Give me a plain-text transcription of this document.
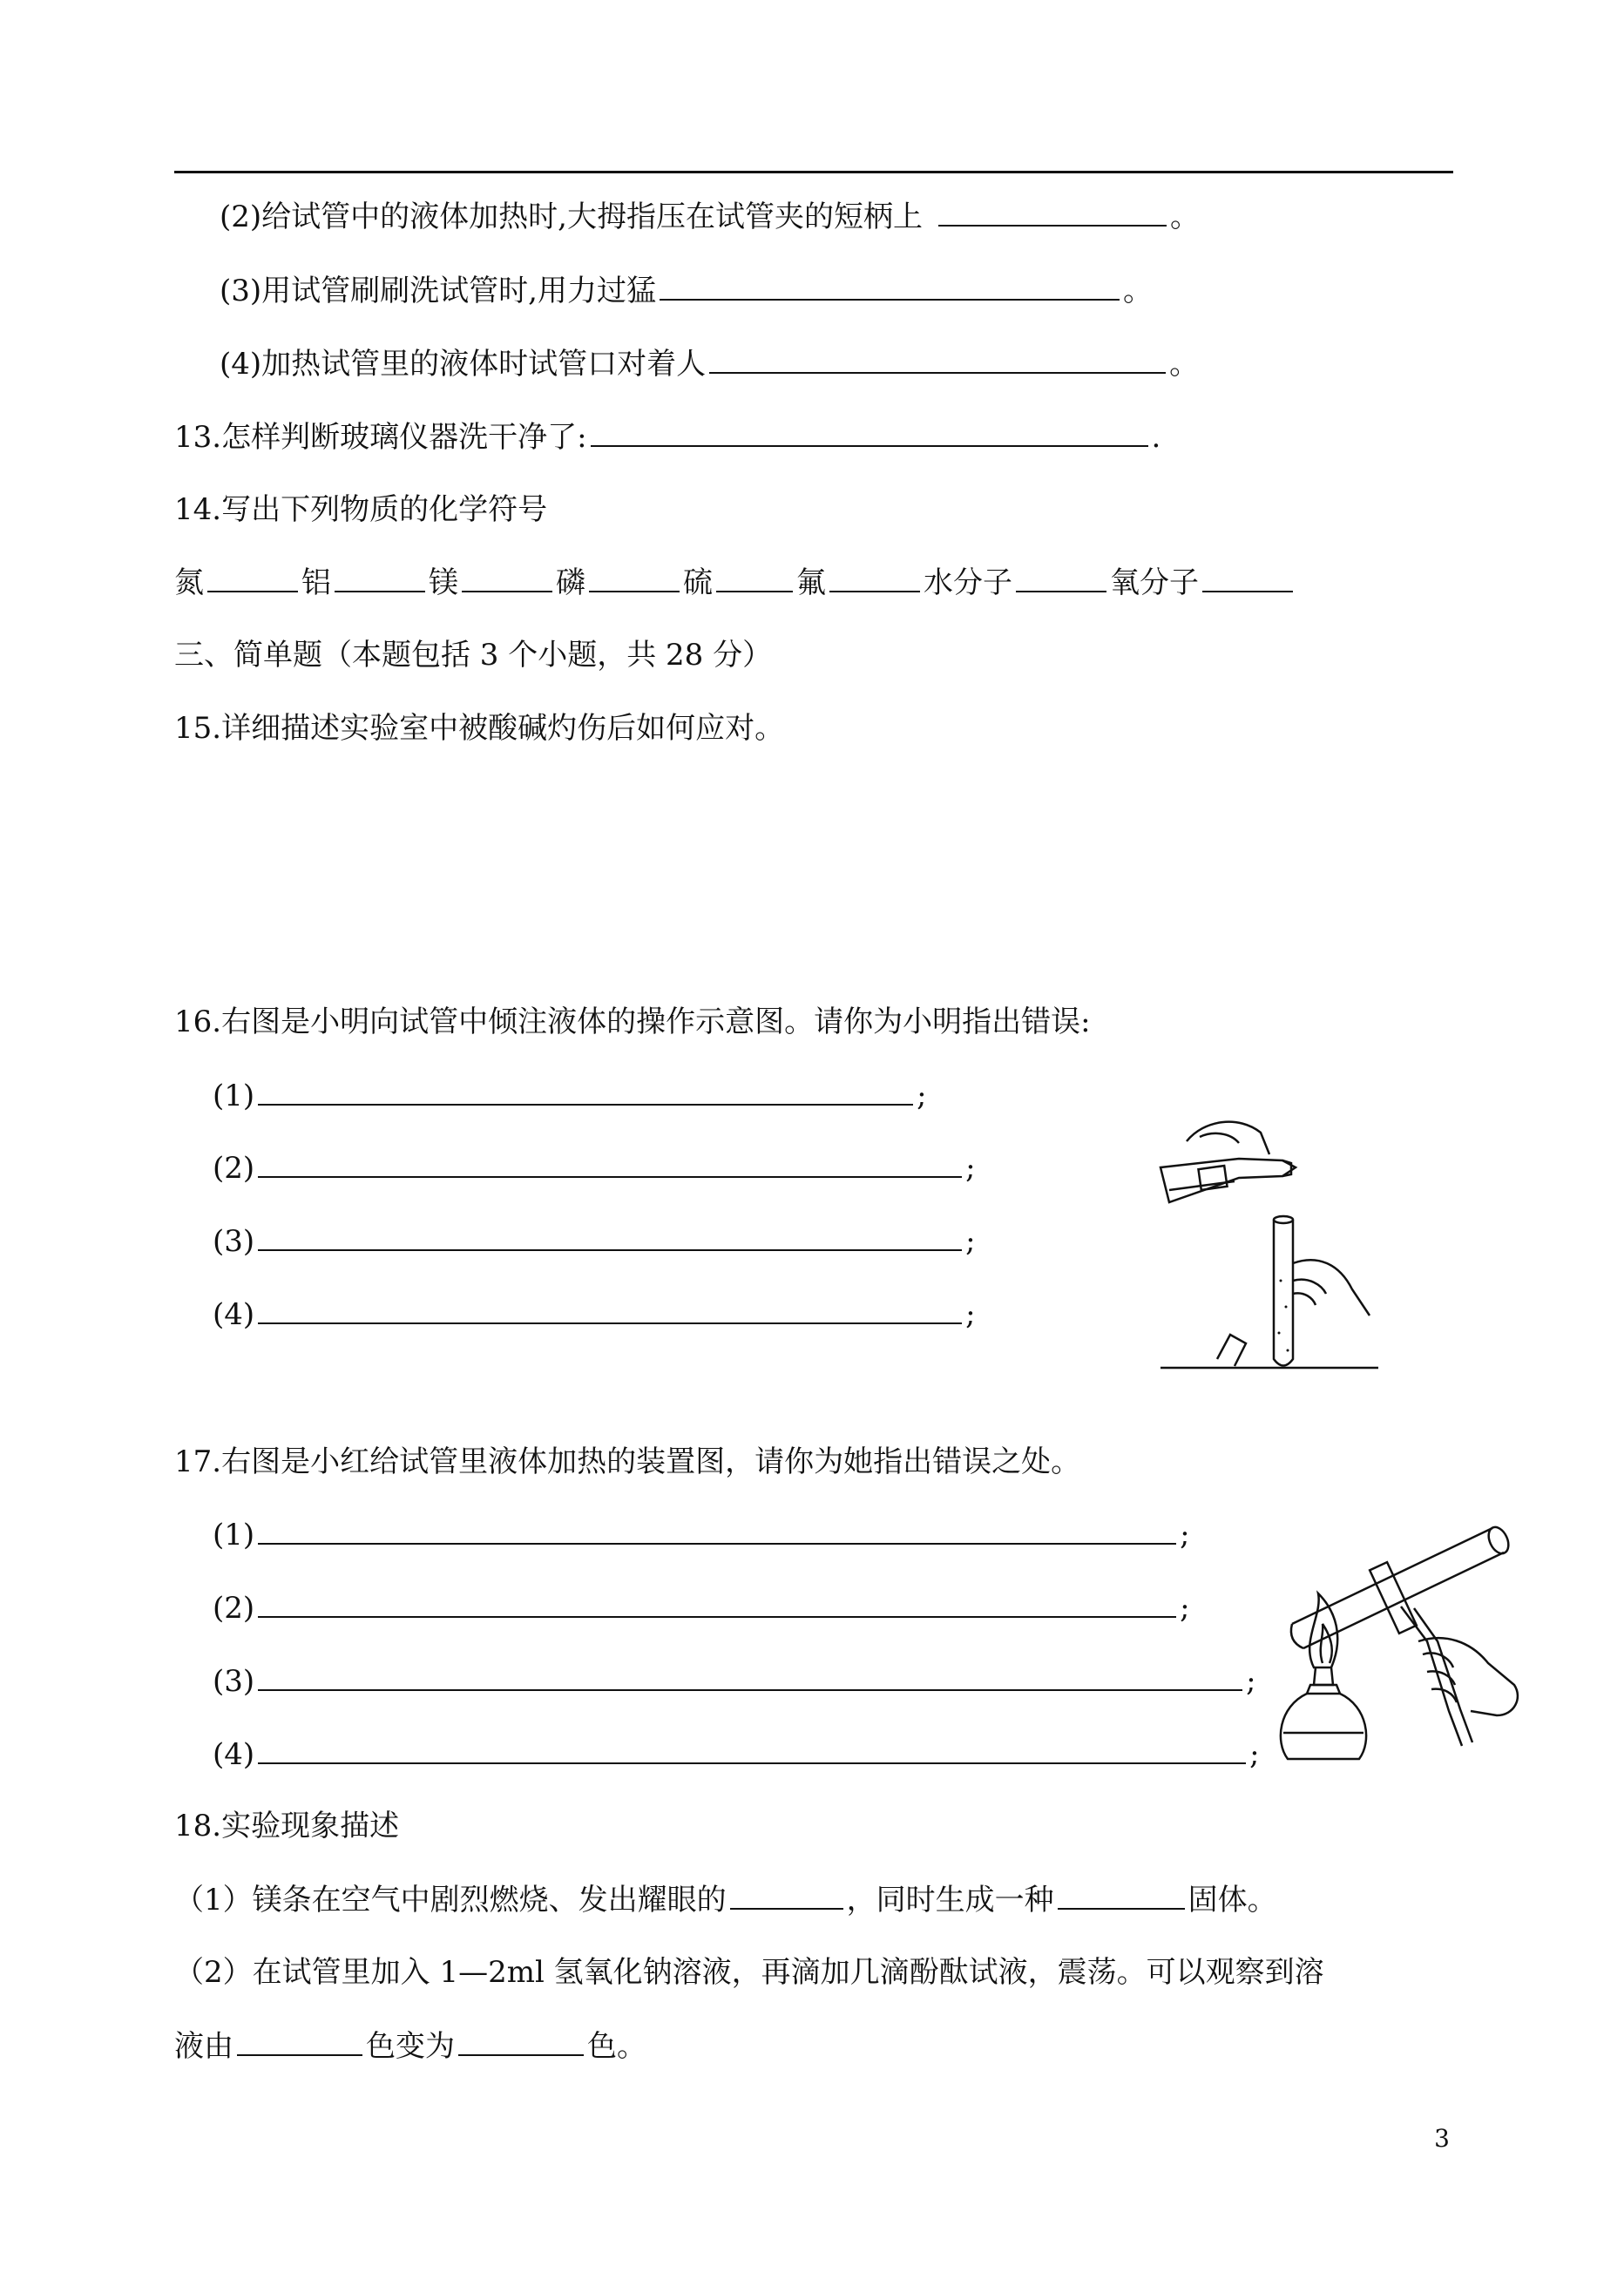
(2)给试管中的液体加热时,大拇指压在试管夹的短柄上	。
(3)用试管刷刷洗试管时,用力过猛	。
(4)加热试管里的液体时试管口对着人	。
13.怎样判断玻璃仪器洗干净了:	.
14.写出下列物质的化学符号
氮	铝	镁	磷	硫	氟	水分子	氧分子
三、简单题（本题包括 3 个小题，共 28 分）
15.详细描述实验室中被酸碱灼伤后如何应对。
16.右图是小明向试管中倾注液体的操作示意图。请你为小明指出错误:
(1)	;
(2)	;
(3)	;
(4)	;
17.右图是小红给试管里液体加热的装置图，请你为她指出错误之处。
(1)	;
(2)	;
(3)	;
(4)	;
18.实验现象描述
（1）镁条在空气中剧烈燃烧、发出耀眼的	，同时生成一种	固体。
（2）在试管里加入 1—2ml 氢氧化钠溶液，再滴加几滴酚酞试液，震荡。可以观察到溶
液由	色变为	色。
3
